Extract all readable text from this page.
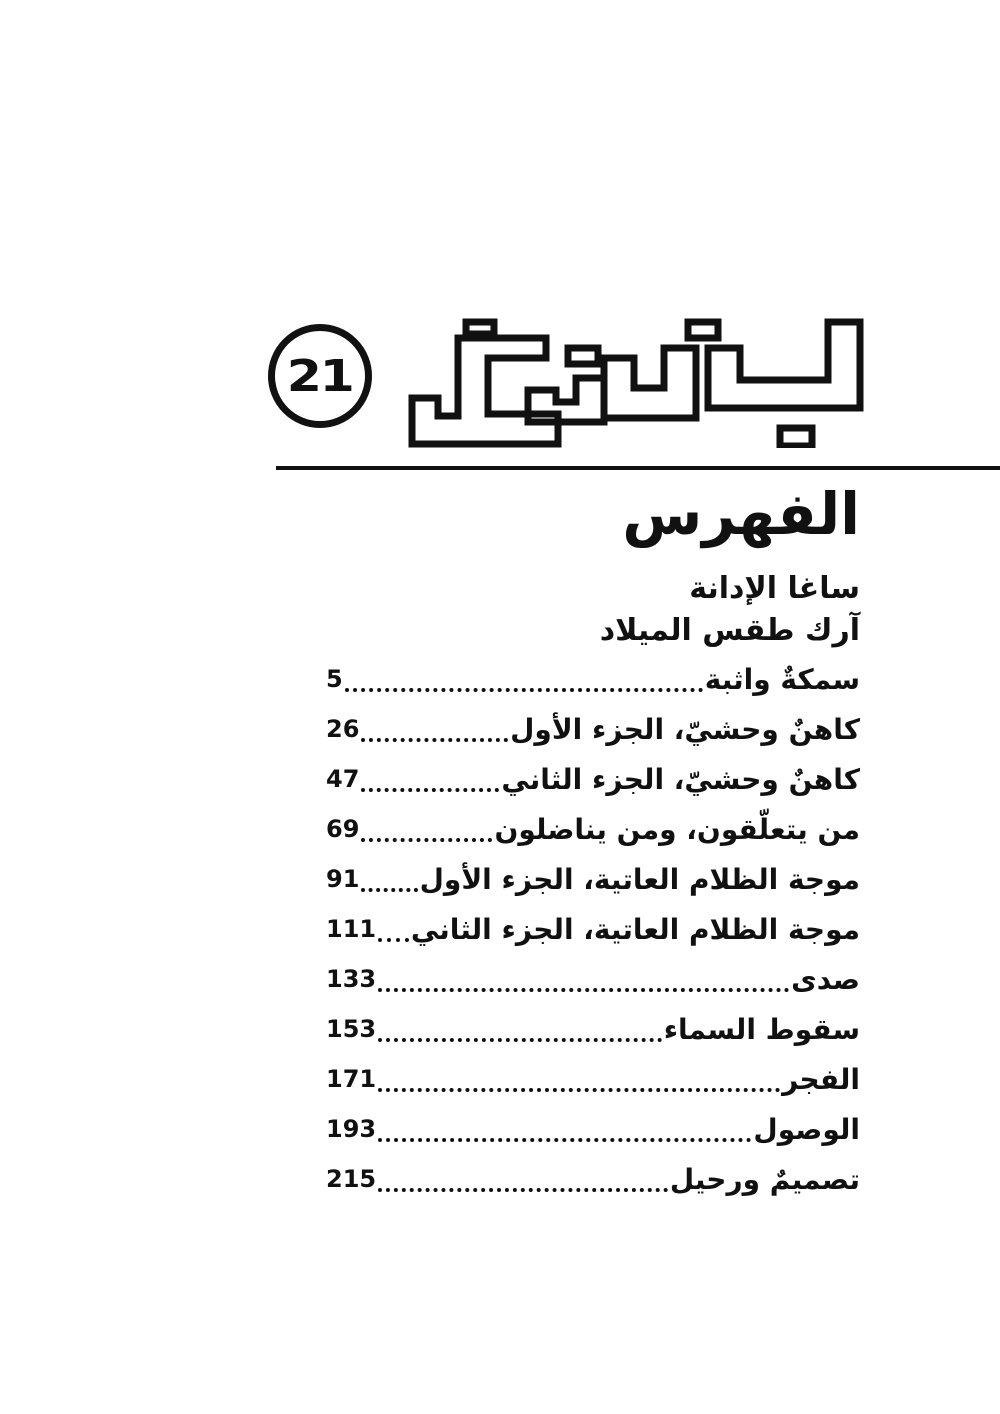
21
الفهرس
ساغا الإدانة
آرك طقس الميلاد
سمكةٌ واثبة
5
كاهنٌ وحشيّ، الجزء الأول
26
كاهنٌ وحشيّ، الجزء الثاني
47
من يتعلّقون، ومن يناضلون
69
موجة الظلام العاتية، الجزء الأول
91
موجة الظلام العاتية، الجزء الثاني
111
صدى
133
سقوط السماء
153
الفجر
171
الوصول
193
تصميمٌ ورحيل
215
